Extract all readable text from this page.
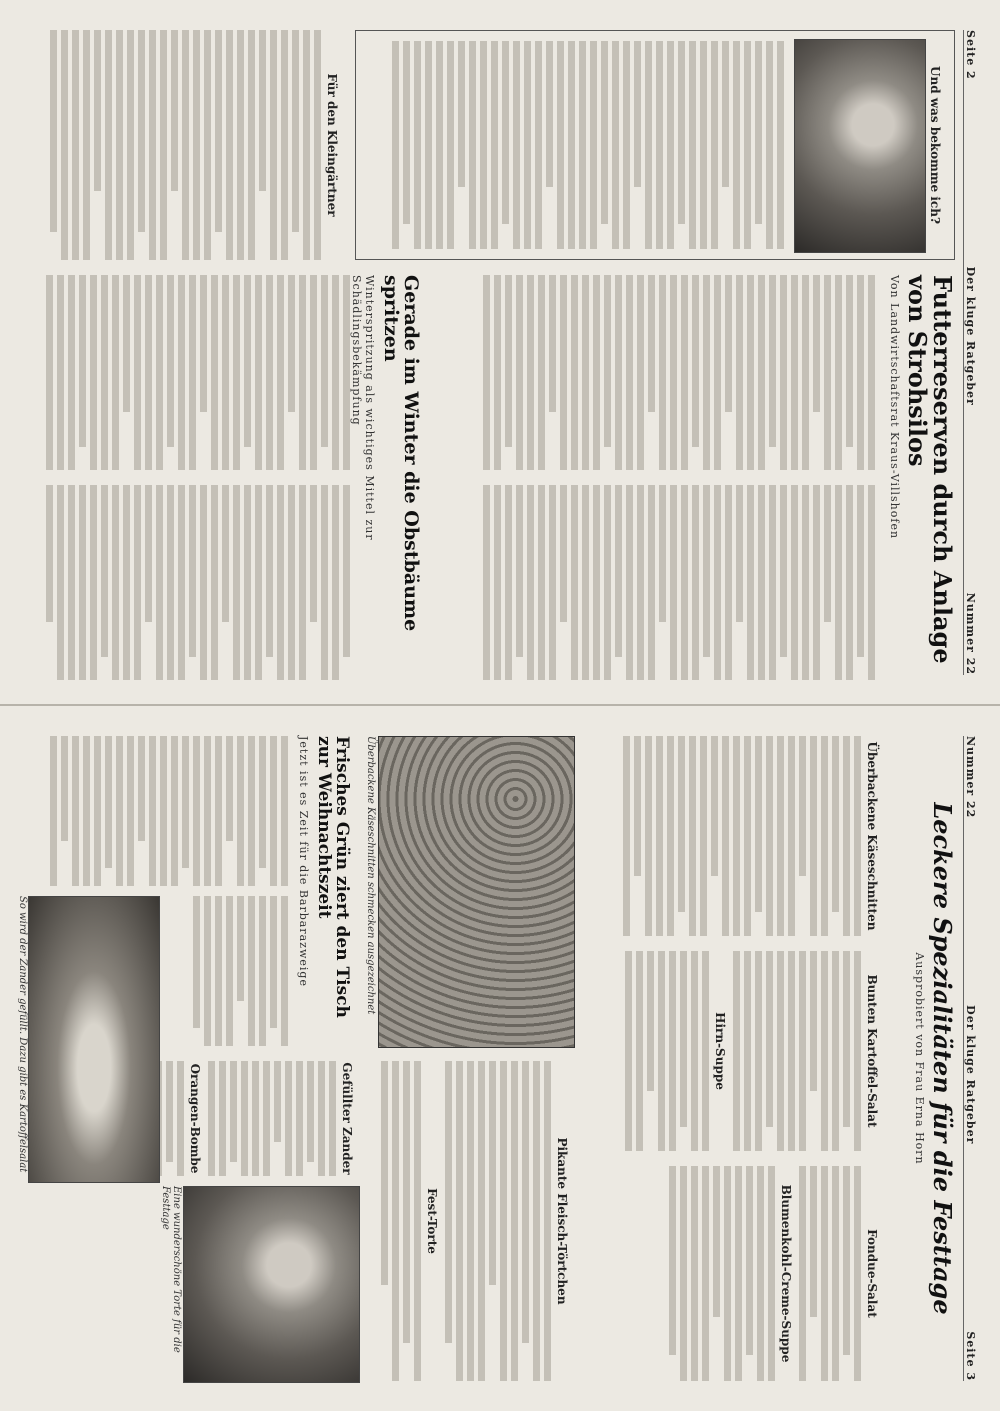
Seite 2
Der kluge Ratgeber
Nummer 22
Und was bekomme ich?
Für den Kleingärtner
Futterreserven durch Anlage von Strohsilos
Von Landwirtschaftsrat Kraus-Villshofen
Gerade im Winter die Obstbäume spritzen
Winterspritzung als wichtiges Mittel zur Schädlingsbekämpfung
Nummer 22
Der kluge Ratgeber
Seite 3
Leckere Spezialitäten für die Festtage
Ausprobiert von Frau Erna Horn
Überbackene Käseschnitten
Bunten Kartoffel-Salat
Hirn-Suppe
Fondue-Salat
Blumenkohl-Creme-Suppe
Überbackene Käseschnitten schmecken ausgezeichnet
Pikante Fleisch-Törtchen
Fest-Torte
Eine wunderschöne Torte für die Festtage
Gefüllter Zander
Orangen-Bombe
Frisches Grün ziert den Tisch zur Weihnachtszeit
Jetzt ist es Zeit für die Barbarazweige
So wird der Zander gefüllt. Dazu gibt es Kartoffelsalat
